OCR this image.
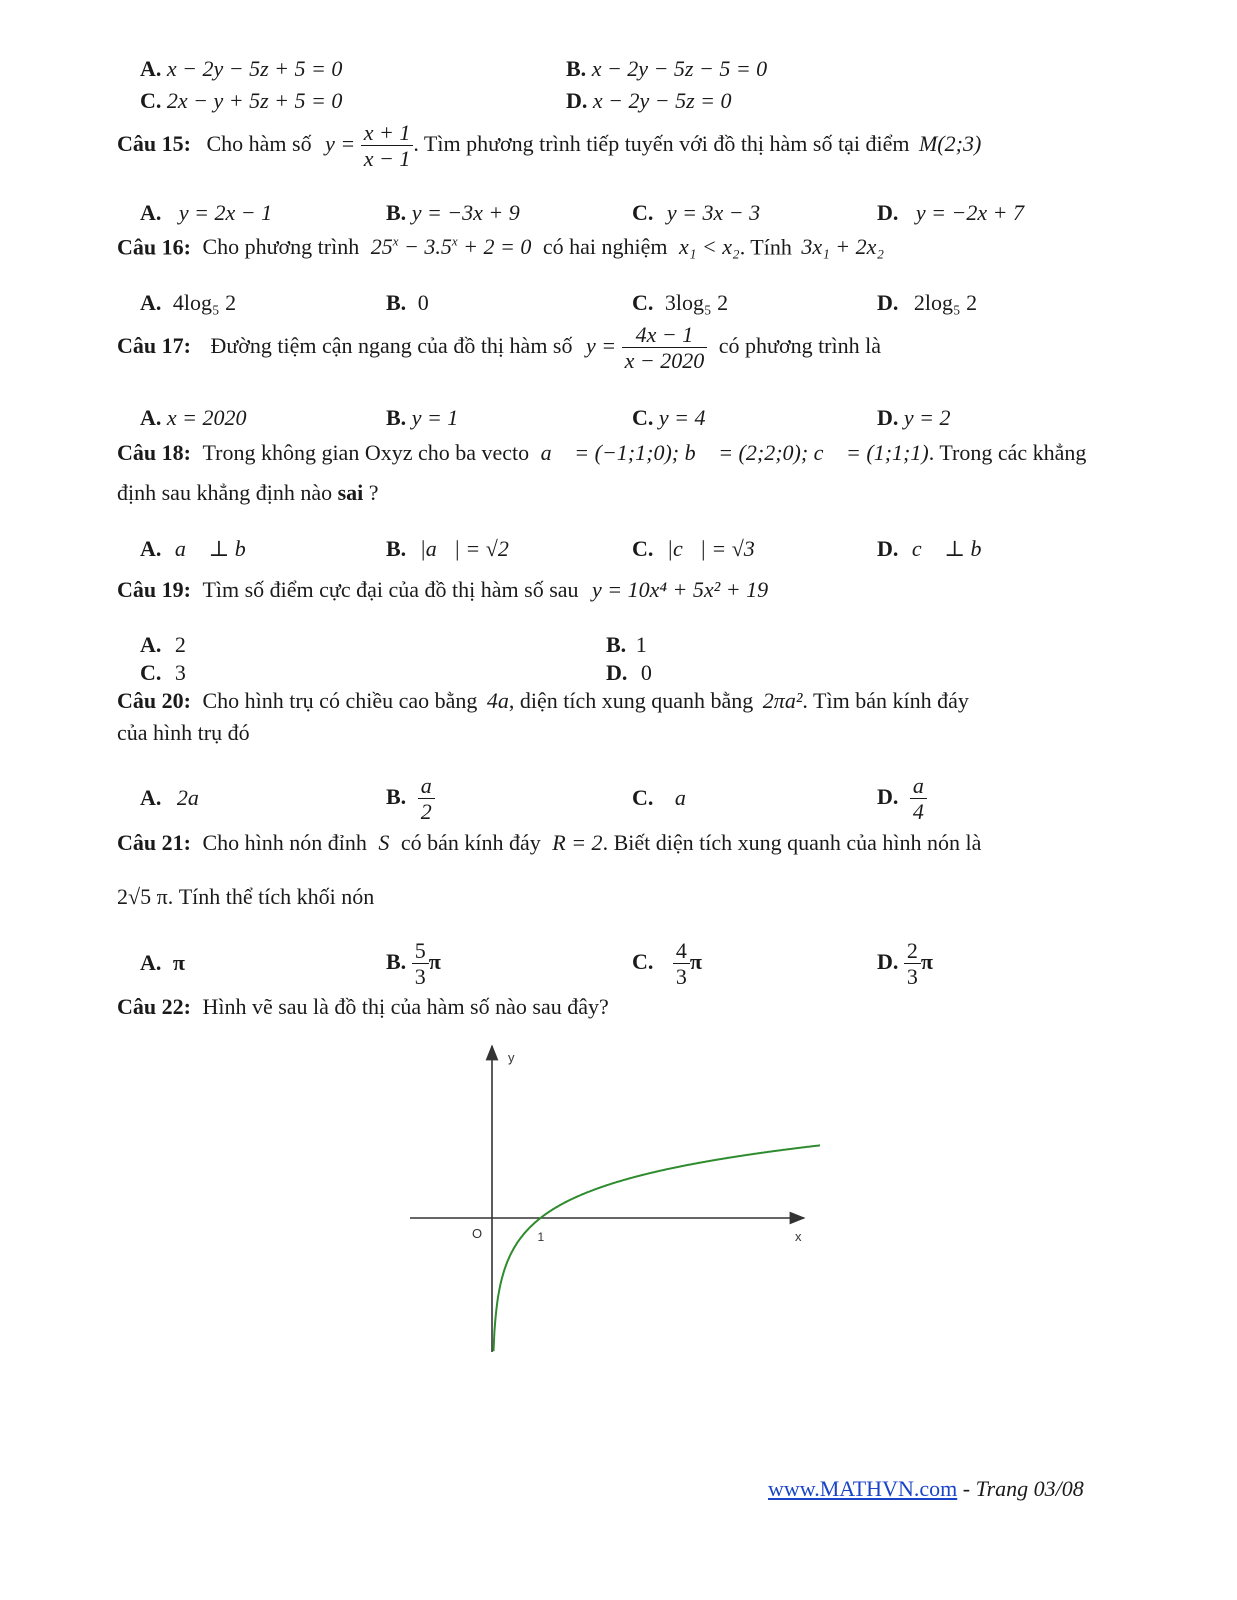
A. x − 2y − 5z + 5 = 0	B. x − 2y − 5z − 5 = 0
C. 2x − y + 5z + 5 = 0	D. x − 2y − 5z = 0
Câu 15: Cho hàm số $y = \frac{x + 1}{x - 1}$ . Tìm phương trình tiếp tuyến với đồ thị hàm số tại điểm M(2;3)
A. y = 2x − 1	B. y = −3x + 9	C. y = 3x − 3	D. y = −2x + 7
Câu 16: Cho phương trình $25^x - 3.5^x + 2 = 0$ có hai nghiệm x₁ < x₂. Tính 3x₁ + 2x₂
A. 4log₅ 2	B. 0	C. 3log₅ 2	D. 2log₅ 2
Câu 17: Đường tiệm cận ngang của đồ thị hàm số $y = \frac{4x - 1}{x - 2020}$ có phương trình là
A. x = 2020	B. y = 1	C. y = 4	D. y = 2
Câu 18: Trong không gian Oxyz cho ba vecto a⃗ = (−1;1;0); b⃗ = (2;2;0); c⃗ = (1;1;1). Trong các khẳng
định sau khẳng định nào sai ?
A. a⃗ ⊥ b⃗	B. |a⃗| = √2	C. |c⃗| = √3	D. c⃗ ⊥ b⃗
Câu 19: Tìm số điểm cực đại của đồ thị hàm số sau y = 10x⁴ + 5x² + 19
A. 2	B. 1
C. 3	D. 0
Câu 20: Cho hình trụ có chiều cao bằng 4a, diện tích xung quanh bằng 2πa². Tìm bán kính đáy
của hình trụ đó
A. 2a	B. $\frac{a}{2}$	C. a	D. $\frac{a}{4}$
Câu 21: Cho hình nón đỉnh S có bán kính đáy R = 2. Biết diện tích xung quanh của hình nón là
2√5 π. Tính thể tích khối nón
A. π	B. $\frac{5}{3}$ π	C. $\frac{4}{3}$ π	D. $\frac{2}{3}$ π
Câu 22: Hình vẽ sau là đồ thị của hàm số nào sau đây?
y
x
O	1
www.MATHVN.com - Trang 03/08
